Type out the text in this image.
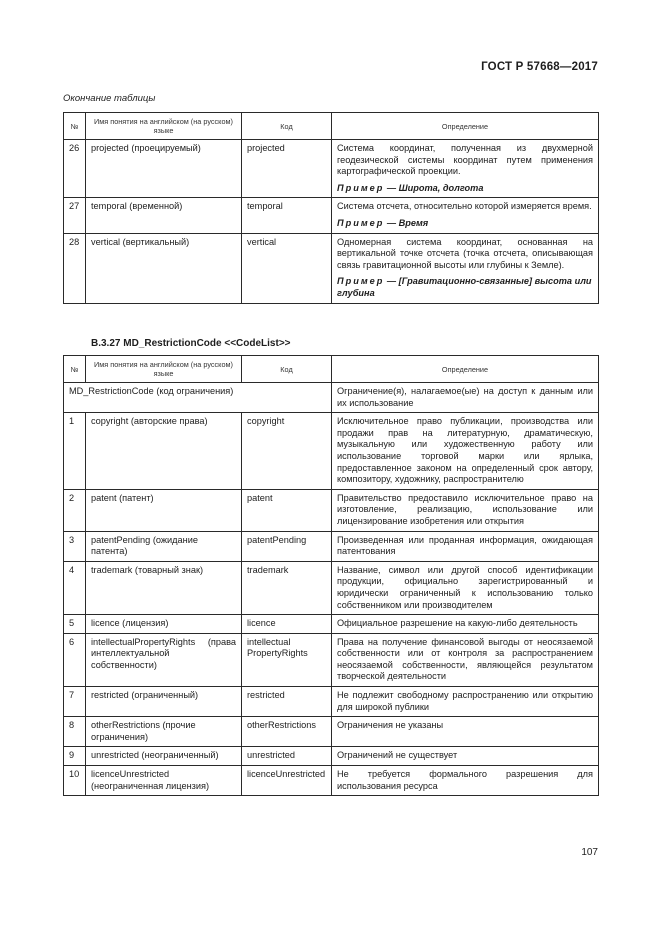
ГОСТ Р 57668—2017
Окончание таблицы
№	Имя понятия на английском (на русском) языке	Код	Определение
26	projected (проецируемый)	projected	Система координат, полученная из двухмерной геодезической системы координат путем применения картографической проекции.
Пример — Широта, долгота

27	temporal (временной)	temporal	Система отсчета, относительно которой измеряется время.
Пример — Время

28	vertical (вертикальный)	vertical	Одномерная система координат, основанная на вертикальной точке отсчета (точка отсчета, описывающая связь гравитационной высоты или глубины к Земле).
Пример — [Гравитационно-связанные] высота или глубина
В.3.27 MD_RestrictionCode <<CodeList>>
№	Имя понятия на английском (на русском) языке	Код	Определение
MD_RestrictionCode (код ограничения)			Ограничение(я), налагаемое(ые) на доступ к данным или их использование
1	copyright (авторские права)	copyright	Исключительное право публикации, производства или продажи прав на литературную, драматическую, музыкальную или художественную работу или использование торговой марки или ярлыка, предоставленное законом на определенный срок автору, композитору, художнику, распространителю
2	patent (патент)	patent	Правительство предоставило исключительное право на изготовление, реализацию, использование или лицензирование изобретения или открытия
3	patentPending (ожидание патента)	patentPending	Произведенная или проданная информация, ожидающая патентования
4	trademark (товарный знак)	trademark	Название, символ или другой способ идентификации продукции, официально зарегистрированный и юридически ограниченный к использованию только собственником или производителем
5	licence (лицензия)	licence	Официальное разрешение на какую-либо деятельность
6	intellectualPropertyRights (права интеллектуальной собственности)	intellectual PropertyRights	Права на получение финансовой выгоды от неосязаемой собственности или от контроля за распространением неосязаемой собственности, являющейся результатом творческой деятельности
7	restricted (ограниченный)	restricted	Не подлежит свободному распространению или открытию для широкой публики
8	otherRestrictions (прочие ограничения)	otherRestrictions	Ограничения не указаны
9	unrestricted (неограниченный)	unrestricted	Ограничений не существует
10	licenceUnrestricted (неограниченная лицензия)	licenceUnrestricted	Не требуется формального разрешения для использования ресурса
107
